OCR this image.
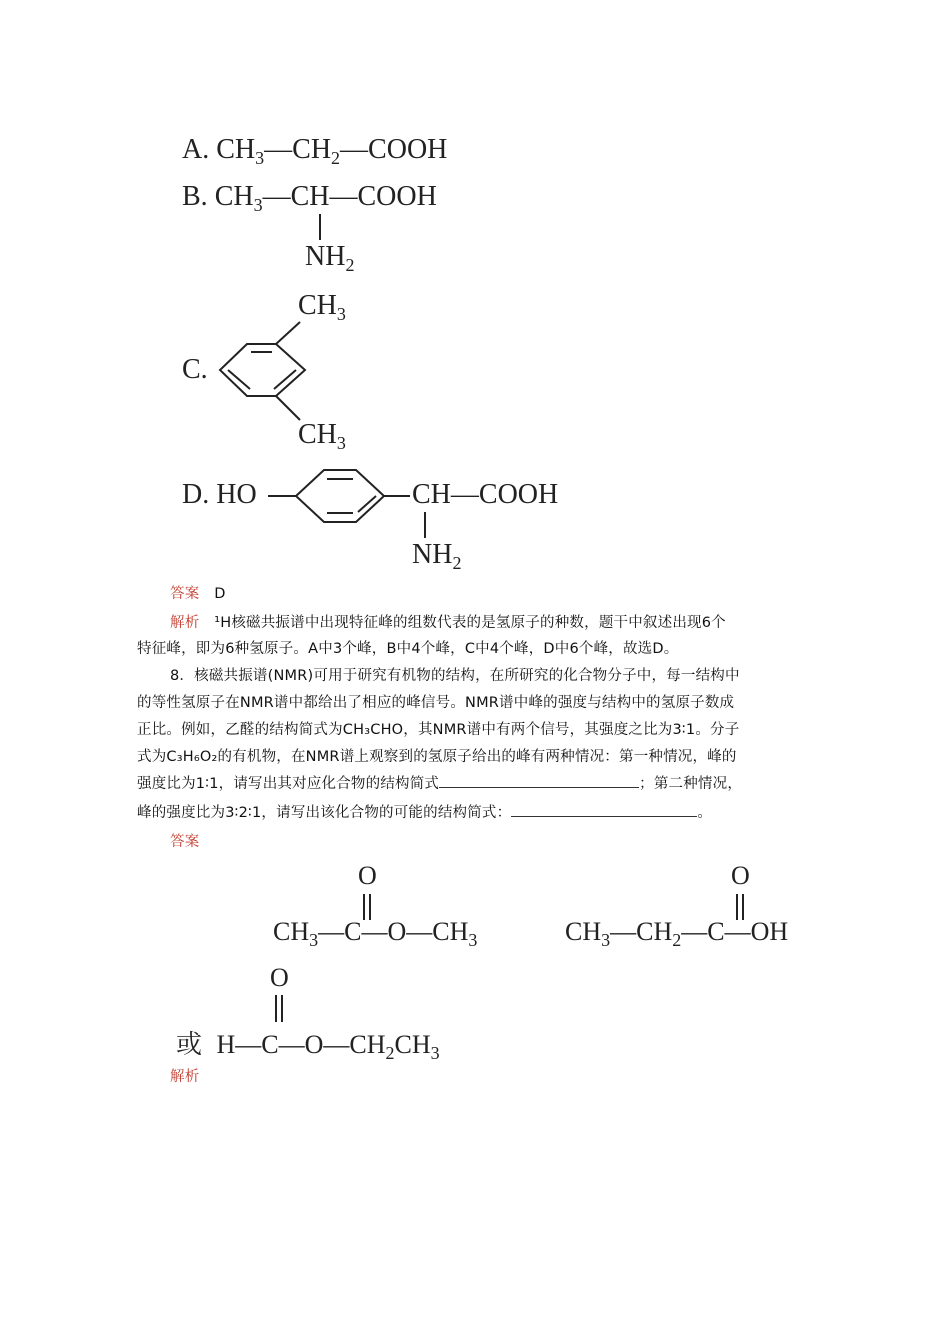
A. $CH_3—CH_2—COOH$
B. $CH_3—CH—COOH$
$NH_2$
C.
$CH_3$
$CH_3$
D. HO	CH—COOH
$NH_2$
答案 D
解析 ¹H核磁共振谱中出现特征峰的组数代表的是氢原子的种数，题干中叙述出现6个
特征峰，即为6种氢原子。A中3个峰，B中4个峰，C中4个峰，D中6个峰，故选D。
8．核磁共振谱(NMR)可用于研究有机物的结构，在所研究的化合物分子中，每一结构中
的等性氢原子在NMR谱中都给出了相应的峰信号。NMR谱中峰的强度与结构中的氢原子数成
正比。例如，乙醛的结构简式为CH₃CHO，其NMR谱中有两个信号，其强度之比为3∶1。分子
式为C₃H₆O₂的有机物，在NMR谱上观察到的氢原子给出的峰有两种情况：第一种情况，峰的
强度比为1∶1，请写出其对应化合物的结构简式	；第二种情况，
峰的强度比为3∶2∶1，请写出该化合物的可能的结构简式：	。
答案
O
$CH_3—C—O—CH_3$
O
$CH_3—CH_2—C—OH$
O
或 $H—C—O—CH_2CH_3$
解析
